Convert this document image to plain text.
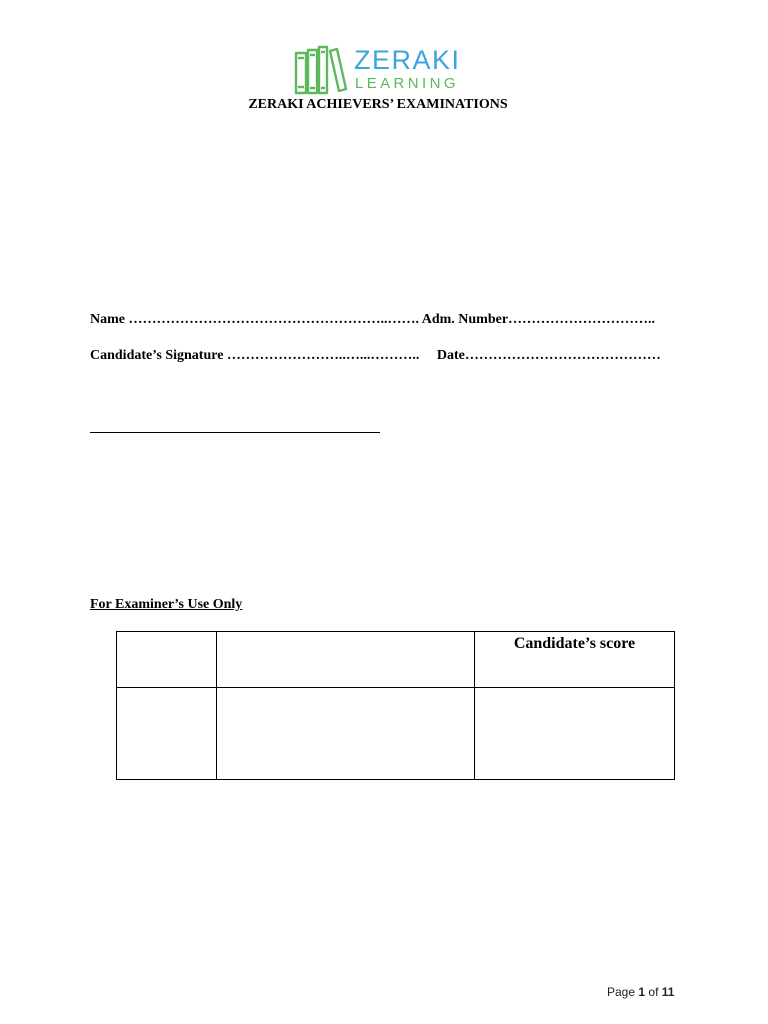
ZERAKI
LEARNING
ZERAKI ACHIEVERS’ EXAMINATIONS
Name ………………………………………………..……. Adm. Number…………………………..
Candidate’s Signature ……………………..…...………..     Date……………………………………
For Examiner’s Use Only

		Candidate’s score

Page 1 of 11
